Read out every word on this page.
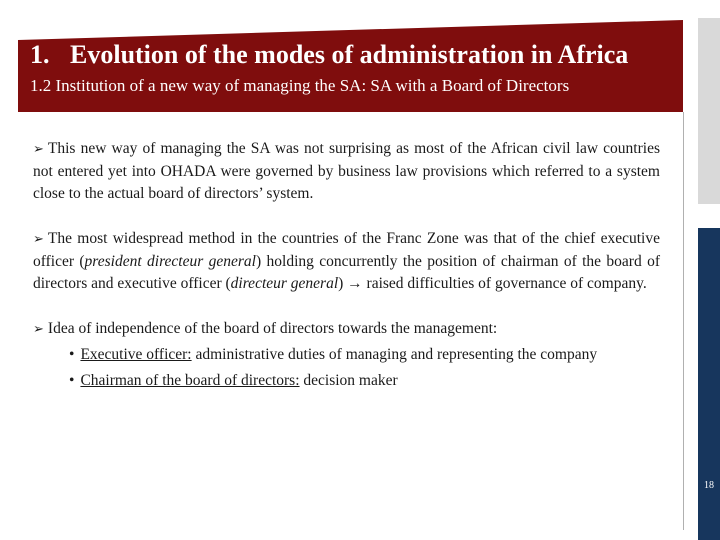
1. Evolution of the modes of administration in Africa

1.2 Institution of a new way of managing the SA: SA with a Board of Directors

➢ This new way of managing the SA was not surprising as most of the African civil law countries not entered yet into OHADA were governed by business law provisions which referred to a system close to the actual board of directors’ system.

➢ The most widespread method in the countries of the Franc Zone was that of the chief executive officer (president directeur general) holding concurrently the position of chairman of the board of directors and executive officer (directeur general) → raised difficulties of governance of company.

➢ Idea of independence of the board of directors towards the management:
• Executive officer: administrative duties of managing and representing the company
• Chairman of the board of directors: decision maker
18
